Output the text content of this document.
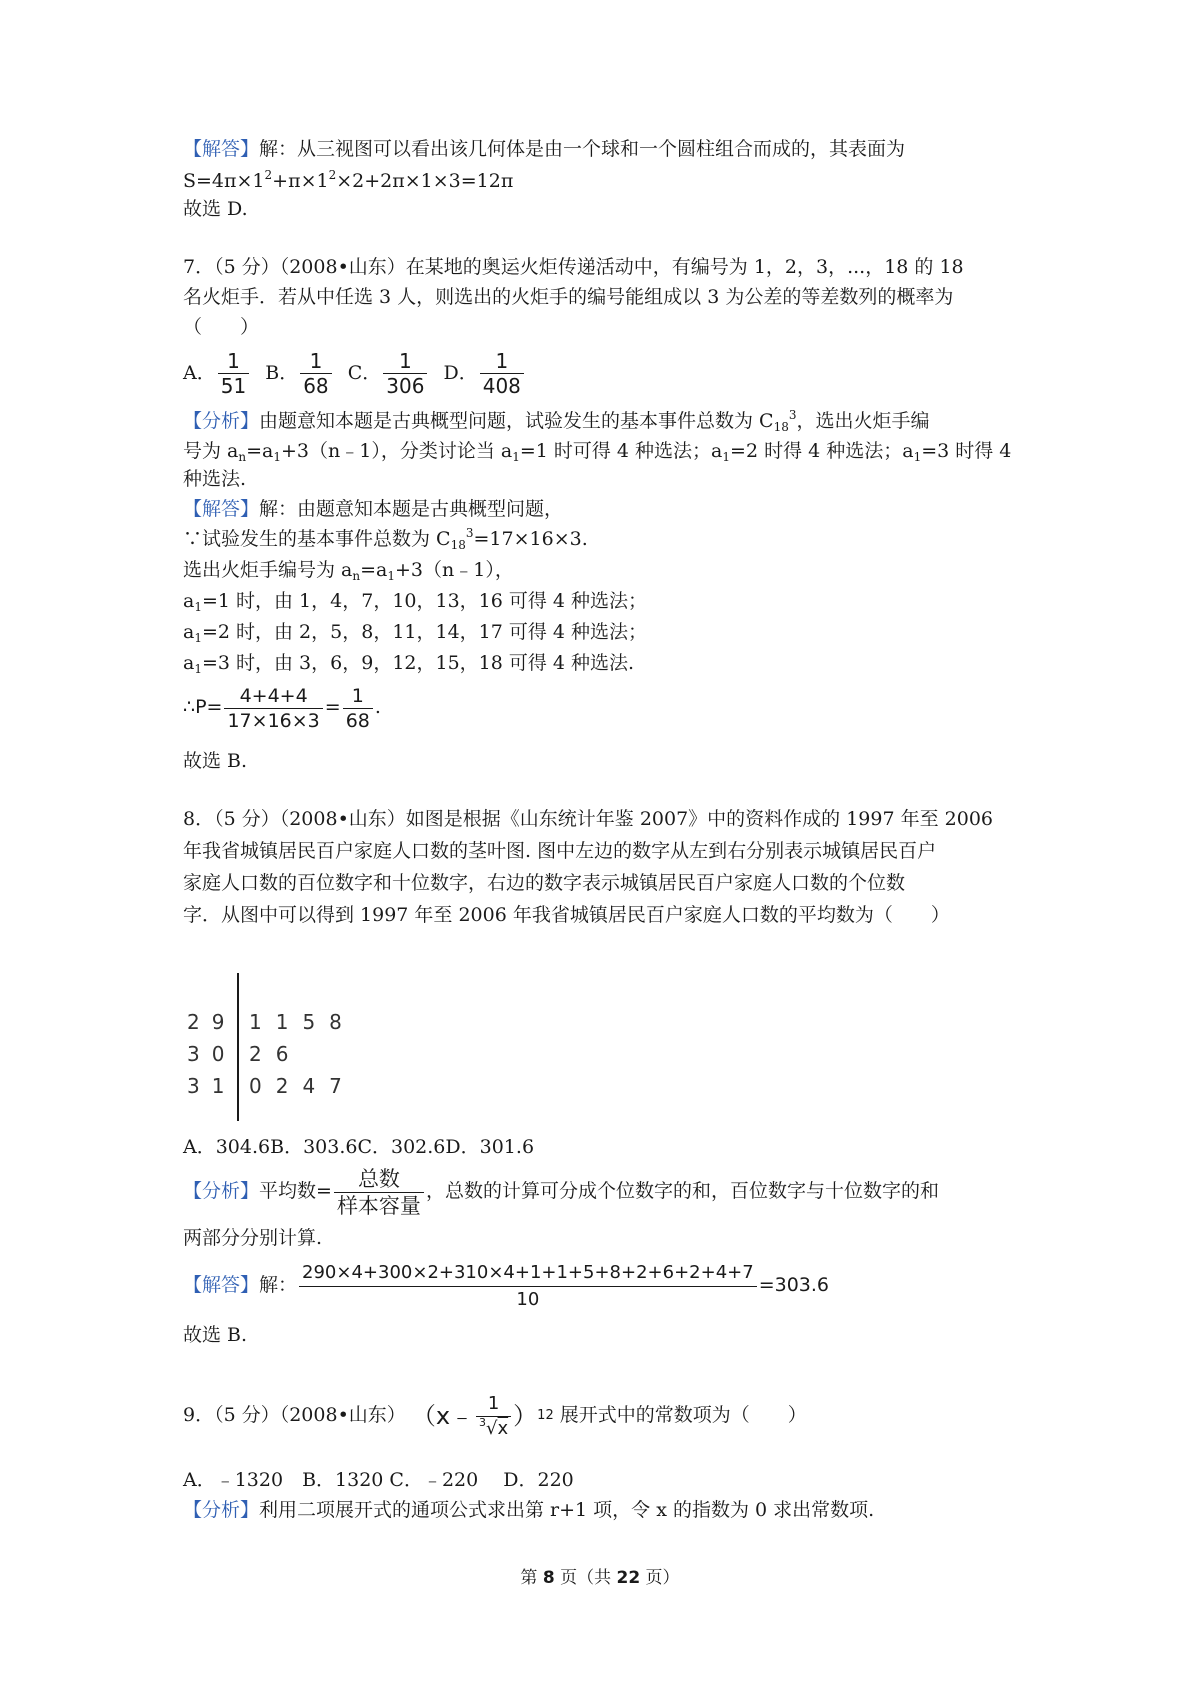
【解答】解：从三视图可以看出该几何体是由一个球和一个圆柱组合而成的，其表面为
$S=4\pi\times 1^2+\pi\times 1^2\times 2+2\pi\times 1\times 3=12\pi$
故选 D.
7．（5 分）（2008•山东）在某地的奥运火炬传递活动中，有编号为 1，2，3，...，18 的 18
名火炬手．若从中任选 3 人，则选出的火炬手的编号能组成以 3 为公差的等差数列的概率为
（　　）
A． $\frac{1}{51}$
B． $\frac{1}{68}$
C． $\frac{1}{306}$
D． $\frac{1}{408}$
【分析】由题意知本题是古典概型问题，试验发生的基本事件总数为 $C_{18}^3$，选出火炬手编
号为 $a_n=a_1+3(n﹣1)$，分类讨论当 $a_1=1$ 时可得 4 种选法；$a_1=2$ 时得 4 种选法；$a_1=3$ 时得 4
种选法.
【解答】解：由题意知本题是古典概型问题，
∵试验发生的基本事件总数为 $C_{18}^3=17\times 16\times 3$.
选出火炬手编号为 $a_n=a_1+3(n﹣1)$，
$a_1=1$ 时，由 1，4，7，10，13，16 可得 4 种选法；
$a_1=2$ 时，由 2，5，8，11，14，17 可得 4 种选法；
$a_1=3$ 时，由 3，6，9，12，15，18 可得 4 种选法.
∴P= $\frac{4+4+4}{17\times 16\times 3} = \frac{1}{68}$ .
故选 B.
8．（5 分）（2008•山东）如图是根据《山东统计年鉴 2007》中的资料作成的 1997 年至 2006
年我省城镇居民百户家庭人口数的茎叶图. 图中左边的数字从左到右分别表示城镇居民百户
家庭人口数的百位数字和十位数字，右边的数字表示城镇居民百户家庭人口数的个位数
字．从图中可以得到 1997 年至 2006 年我省城镇居民百户家庭人口数的平均数为（　　）
29 1158
30 26
31 0247
A．304.6B．303.6C．302.6D．301.6
【分析】平均数= $\frac{\text{总数}}{\text{样本容量}}$ ，总数的计算可分成个位数字的和，百位数字与十位数字的和
两部分分别计算.
【解答】解： $\frac{290\times 4+300\times 2+310\times 4+1+1+5+8+2+6+2+4+7}{10} =303.6$
故选 B.
9．（5 分）（2008•山东） （x﹣ $\frac{1}{^3√x}$ ） 12 展开式中的常数项为（　　）
A．﹣1320　B．1320 C．﹣220　 D．220
【分析】利用二项展开式的通项公式求出第 r+1 项，令 x 的指数为 0 求出常数项.
第 8 页（共 22 页）
